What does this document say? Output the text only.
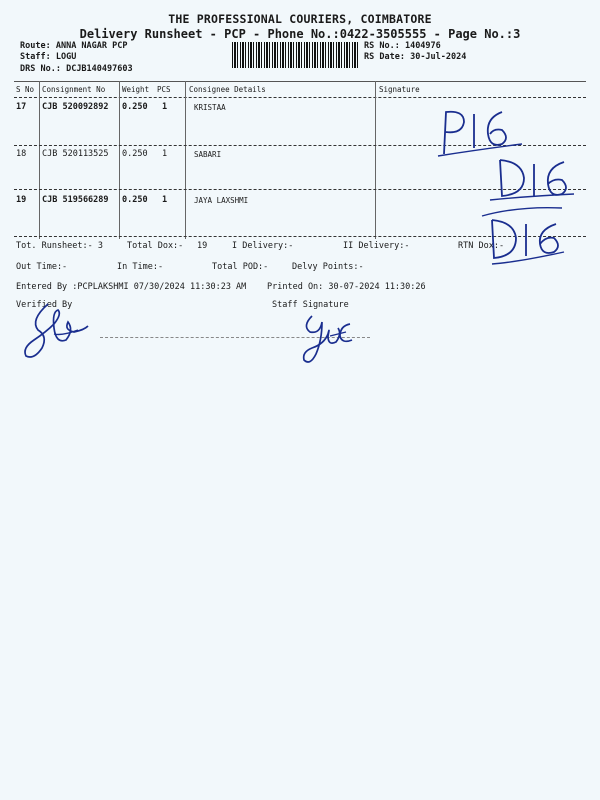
THE PROFESSIONAL COURIERS, COIMBATORE
Delivery Runsheet - PCP - Phone No.:0422-3505555 - Page No.:3
Route: ANNA NAGAR PCP
Staff: LOGU
DRS No.: DCJB140497603
RS No.: 1404976
RS Date: 30-Jul-2024
S No Consignment No Weight PCS Consignee Details	Signature
17 CJB 520092892 0.250 1	KRISTAA
18 CJB 520113525 0.250 1	SABARI
19 CJB 519566289 0.250 1	JAYA LAXSHMI
Tot. Runsheet:- 3	Total Dox:- 19	I Delivery:-	II Delivery:-	RTN Dox:-
Out Time:-	In Time:-	Total POD:-	Delvy Points:-
Entered By :PCPLAKSHMI 07/30/2024 11:30:23 AM Printed On: 30-07-2024 11:30:26
Verified By	Staff Signature
